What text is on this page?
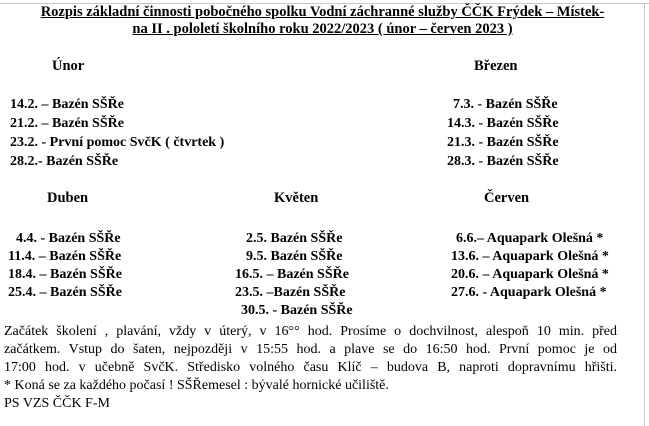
Rozpis základní činnosti pobočného spolku Vodní záchranné služby ČČK Frýdek – Místek-
na II . pololetí školního roku 2022/2023 ( únor – červen 2023 )
Únor
14.2. – Bazén SŠŘe
21.2. – Bazén SŠŘe
23.2. - První pomoc SvčK ( čtvrtek )
28.2.- Bazén SŠŘe
Březen
7.3. - Bazén SŠŘe
14.3. - Bazén SŠŘe
21.3. - Bazén SŠŘe
28.3. - Bazén SŠŘe
Duben
4.4. - Bazén SŠŘe
11.4. – Bazén SŠŘe
18.4. – Bazén SŠŘe
25.4. – Bazén SŠŘe
Květen
2.5. Bazén SŠŘe
9.5. Bazén SŠŘe
16.5. – Bazén SŠŘe
23.5. –Bazén SŠŘe
30.5. - Bazén SŠŘe
Červen
6.6.– Aquapark Olešná *
13.6. – Aquapark Olešná *
20.6. – Aquapark Olešná *
27.6. - Aquapark Olešná *
Začátek školení , plavání, vždy v úterý, v 16°° hod. Prosíme o dochvilnost, alespoň 10 min. před
začátkem. Vstup do šaten, nejpozději v 15:55 hod. a plave se do 16:50 hod. První pomoc je od
17:00 hod. v učebně SvčK. Středisko volného času Klíč – budova B, naproti dopravnímu hřišti.
* Koná se za každého počasí ! SŠŘemesel : bývalé hornické učiliště.
PS VZS ČČK F-M
